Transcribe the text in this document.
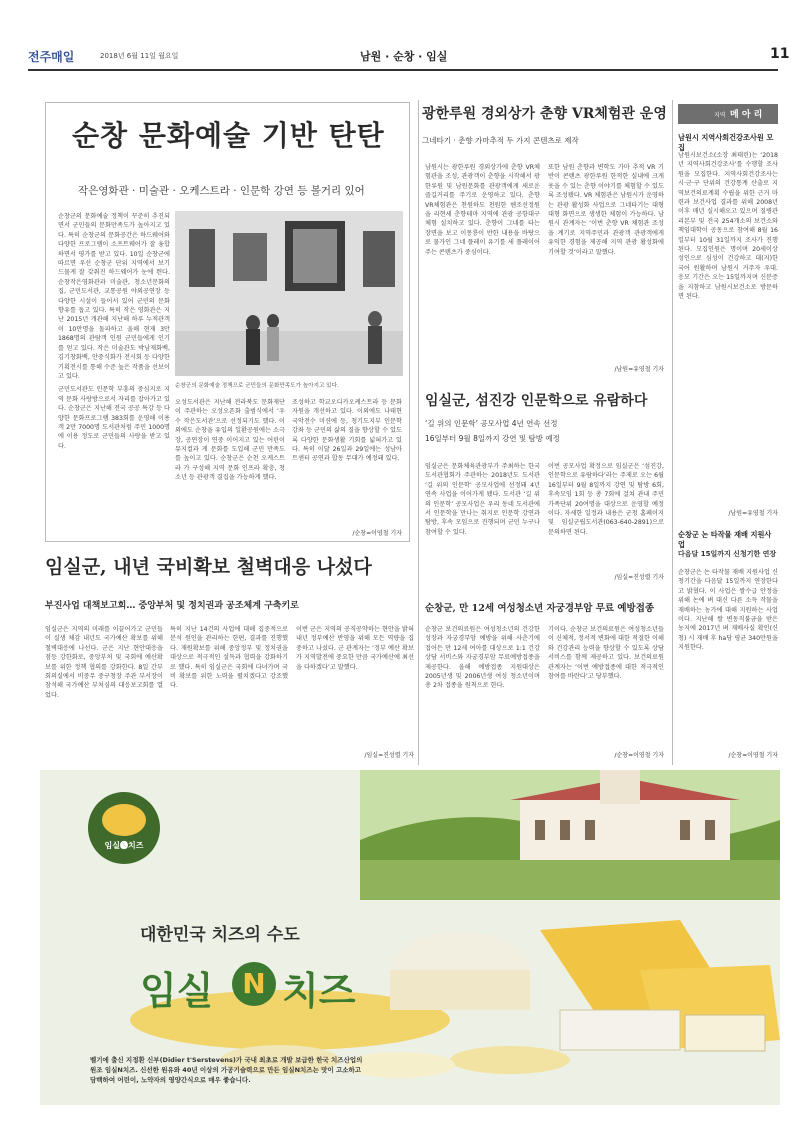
전주매일	2018년 6월 11일 월요일	남원 · 순창 · 임실	11
순창 문화예술 기반 탄탄
작은영화관 · 미술관 · 오케스트라 · 인문학 강연 등 볼거리 있어

순창군의 문화예술 정책이 꾸준히 추진되면서 군민들의 문화만족도가 높아지고 있다. 특히 순창군의 문화공간은 하드웨어와 다양한 프로그램이 소프트웨어가 잘 융합하면서 평가를 받고 있다. 10일 순창군에 따르면 우선 순창군 단위 지역에서 보기 드물게 잘 갖춰진 하드웨어가 눈에 띈다. 순창작은영화관과 미술관, 청소년문화의집, 군민도서관, 교통공원 야외공연장 등 다양한 시설이 들어서 있어 군민의 문화 향유를 돕고 있다. 특히 작은 영화관은 지난 2015년 개관해 지난해 하루 누적관객이 10만명을 돌파하고 올해 현재 3만 1868명의 관람객 인원 군민들에게 인기를 얻고 있다. 작은 미술관도 박남재화백, 김기창화백, 안중식화가 전시회 등 다양한 기획전시를 통해 수준 높은 작품을 선보이고 있다.

군민도서관도 인문학 부흥의 중심지로 지역 문화 사랑방으로서 자리를 잡아가고 있다. 순창군은 지난해 전국 공공 특강 등 다양한 문화프로그램 383회를 운영해 이용객 2만 7000명 도서관처럼 주민 1000명에 이용 정도로 군민들의 사랑을 받고 있다.

순창군의 문화예술 정책으로 군민들의 문화만족도가 높아지고 있다.
오성도서관은 지난해 전라북도 문화재단이 주관하는 오성오픈화 출범식에서 ‘우수 작은도서관’으로 선정되기도 했다. 이외에도 순창을 유입의 일환공원에는 소극장, 공연장이 연중 이어지고 있는 어린이 뮤지컬과 게 문화를 도입해 군민 만족도를 높이고 있다. 순창군은 순천 오케스트라 가 구성해 지역 문화 인프라 확충, 청소년 등 관광객 결집을 가능하게 했다.
조성하고 학교오디카오케스트라 등 문화 자원을 개선하고 있다. 이외에도 나태현 국악전수 미션에 등, 청기도지부 인문학 강좌 등 군민의 삶의 질을 향상할 수 있도록 다양한 문화생활 기회를 넓혀가고 있다. 특히 이달 26일과 29일에는 성남아트센터 공연과 합동 무대가 예정돼 있다.
/순창=이영철 기자
임실군, 내년 국비확보 철벽대응 나섰다
부진사업 대책보고회… 중앙부처 및 정치권과 공조체계 구축키로
임실군은 지역의 미래를 이끌어가고 군민들이 실생 체감 내년도 국가예산 확보를 위해 철벽대응에 나선다. 군은 지난 현안대응을 점등 강한화로, 중앙부처 및 국회에 예산확보를 위한 정책 협의를 강화한다. 8일 간부회의실에서 비중무 중구청장 주관 부서장이 참석해 국가예산 부처심의 대응보고회를 열었다.
특히 지난 14건의 사업에 대해 집중적으로 분석 원인을 관리하는 한편, 결과를 진행했다. 재원확보를 위해 중앙정부 및 정치권을 대상으로 적극적인 설득과 협력을 강화하기로 했다. 특히 임실군은 국회에 다녀가며 국비 확보를 위한 노력을 펼치겠다고 강조했다.
이번 군은 지역의 공직공약하는 현안을 밝혀 내년 정부예산 반영을 위해 모든 역량을 집중하고 나섰다. 군 관계자는 ‘정부 예산 확보가 지역발전에 중요한 만큼 국가예산에 최선을 다하겠다’고 말했다.
/임실=진성렬 기자
광한루원 경외상가 춘향 VR체험관 운영
그네타기 · 춘향 가마추적 두 가지 콘텐츠로 제작
남원시는 광한루원 경외상가에 춘향 VR체험관을 조성, 관광객이 춘향을 시작해서 광한루원 및 남원문화를 관광객에게 새로운 즐길거리를 주기로 운영하고 있다. 춘향 VR체험관은 천원하도 천원한 헨조선정원을 리현세 춘향테마 지역에 관광 공항대구 체험 설치하고 있다. 춘향이 그네를 타는 장면을 보고 이몽룡이 반한 내용을 바탕으로 물가인 그네 플레이 유기를 세 플레이어 주는 콘텐츠가 중심이다.
또한 남원 춘향과 변학도 가마 추적 VR 기반이 콘텐츠 광한루원 한적한 실내에 크게 웃을 수 있는 춘향 이야기를 체험할 수 있도록 조성됐다. VR 체험관은 남원시가 운영하는 관광 활성화 사업으로 그네타기는 대형 대형 화면으로 생생한 체험이 가능하다. 남원시 관계자는 ‘이번 춘향 VR 체험관 조성을 계기로 지역주민과 관광객 관광객에게 유익한 경험을 제공해 지역 관광 활성화에 기여할 것’이라고 말했다.
/남원=유영철 기자
임실군, 섬진강 인문학으로 유람하다
‘길 위의 인문학’ 공모사업 4년 연속 선정
16일부터 9월 8일까지 강연 및 탐방 예정
임실군은 문화체육관광부가 주최하는 한국도서관협회가 주관하는 2018년도 도서관 ‘길 위의 인문학’ 공모사업에 선정돼 4년 연속 사업을 이어가게 됐다. 도서관 ‘길 위의 인문학’ 공모사업은 우리 동네 도서관에서 인문학을 만나는 취지로 인문학 강연과 탐방, 후속 모임으로 진행되며 군민 누구나 참여할 수 있다.
이번 공모사업 확정으로 임실군은 ‘섬진강, 인문학으로 유람하다’라는 주제로 오는 6월 16일부터 9월 8일까지 강연 및 탐방 6회, 후속모임 1회 등 총 7회에 걸쳐 관내 주민 가족단위 20여명을 대상으로 운영할 예정이다. 자세한 일정과 내용은 군청 홈페이지 및 임실군립도서관(063-640-2891)으로 문의하면 된다.
/임실=진성렬 기자
순창군, 만 12세 여성청소년 자궁경부암 무료 예방접종
순창군 보건의료원은 여성청소년의 건강한 성장과 자궁경부암 예방을 위해 사춘기에 접어든 만 12세 여아를 대상으로 1:1 건강상담 서비스와 자궁경부암 무료예방접종을 제공한다. 올해 예방접종 지원대상은 2005년생 및 2006년생 여성 청소년이며 총 2차 접종을 원칙으로 한다.
기이다. 순창군 보건의료원은 여성청소년들이 신체적, 정서적 변화에 대한 적절한 이해와 건강관리 능력을 향상할 수 있도록 상담 서비스를 함께 제공하고 있다. 보건의료원 관계자는 ‘이번 예방접종에 대한 적극적인 참여를 바란다’고 당부했다.
/순창=이영철 기자
지역 메 아 리
남원시 지역사회건강조사원 모집
남원시보건소(소장 최태린)는 ‘2018년 지역사회건강조사’를 수행할 조사원을 모집한다. 지역사회건강조사는 시·군·구 단위의 건강통계 산출로 지역보건의료계획 수립을 위한 근거 마련과 보건사업 결과를 위해 2008년 이후 매년 실시해오고 있으며 질병관리본부 및 전국 254개소의 보건소와 책임대학이 공동으로 참여해 8월 16일부터 10월 31일까지 조사가 진행된다. 모집인원은 명이며 20세이상 성인으로 심성이 건강하고 대(지)한국어 원활하며 남원시 거주자 우대. 응모 기간은 오는 15일까지며 신분증을 지참하고 남원시보건소로 방문하면 된다.
/남원=유영철 기자
순창군 논 타작물 재배 지원사업
다음달 15일까지 신청기한 연장
순창군은 논 타작물 재배 지원사업 신청기간을 다음달 15일까지 연장한다고 밝혔다. 이 사업은 쌀수급 안정을 위해 논에 벼 대신 다른 소득 작물을 재배하는 농가에 대해 지원하는 사업이다. 지난해 쌀 변동직불금을 받은 농지에 2017년 벼 재배사실 확인(신청) 시 재배 후 ha당 평균 340만원을 지원한다.
/순창=이영철 기자
임실🅝치즈
대한민국 치즈의 수도
임실	N 치즈
벨기에 출신 지정환 신부(Didier t'Serstevens)가 국내 최초로 개발 보급한 한국 치즈산업의
원조 임실N치즈. 신선한 원유와 40년 이상의 가공기술력으로 만든 임실N치즈는 맛이 고소하고
담백하여 어린이, 노약자의 영양간식으로 매우 좋습니다.
